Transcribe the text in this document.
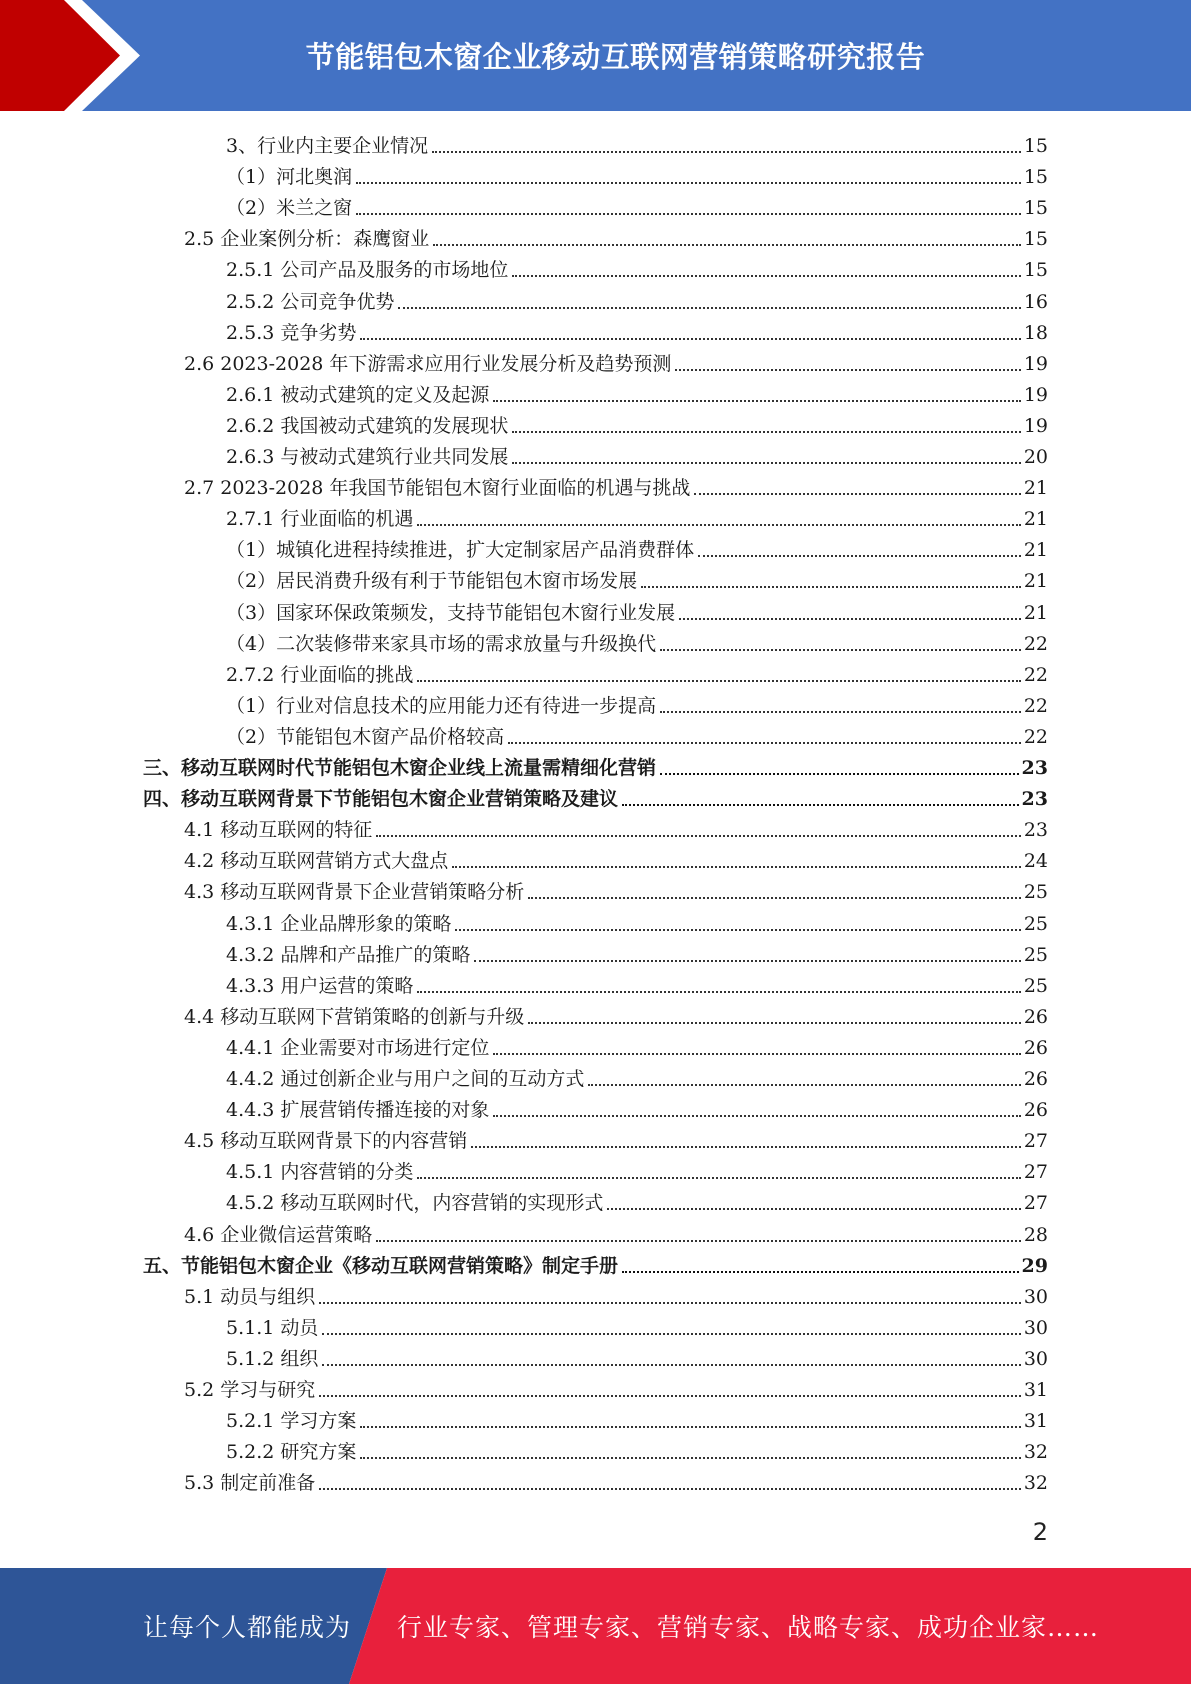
节能铝包木窗企业移动互联网营销策略研究报告
3、行业内主要企业情况	15
（1）河北奥润	15
（2）米兰之窗	15
2.5 企业案例分析：森鹰窗业	15
2.5.1 公司产品及服务的市场地位	15
2.5.2 公司竞争优势	16
2.5.3 竞争劣势	18
2.6 2023-2028 年下游需求应用行业发展分析及趋势预测	19
2.6.1 被动式建筑的定义及起源	19
2.6.2 我国被动式建筑的发展现状	19
2.6.3 与被动式建筑行业共同发展	20
2.7 2023-2028 年我国节能铝包木窗行业面临的机遇与挑战	21
2.7.1 行业面临的机遇	21
（1）城镇化进程持续推进，扩大定制家居产品消费群体	21
（2）居民消费升级有利于节能铝包木窗市场发展	21
（3）国家环保政策频发，支持节能铝包木窗行业发展	21
（4）二次装修带来家具市场的需求放量与升级换代	22
2.7.2 行业面临的挑战	22
（1）行业对信息技术的应用能力还有待进一步提高	22
（2）节能铝包木窗产品价格较高	22
三、移动互联网时代节能铝包木窗企业线上流量需精细化营销	23
四、移动互联网背景下节能铝包木窗企业营销策略及建议	23
4.1 移动互联网的特征	23
4.2 移动互联网营销方式大盘点	24
4.3 移动互联网背景下企业营销策略分析	25
4.3.1 企业品牌形象的策略	25
4.3.2 品牌和产品推广的策略	25
4.3.3 用户运营的策略	25
4.4 移动互联网下营销策略的创新与升级	26
4.4.1 企业需要对市场进行定位	26
4.4.2 通过创新企业与用户之间的互动方式	26
4.4.3 扩展营销传播连接的对象	26
4.5 移动互联网背景下的内容营销	27
4.5.1 内容营销的分类	27
4.5.2 移动互联网时代，内容营销的实现形式	27
4.6 企业微信运营策略	28
五、节能铝包木窗企业《移动互联网营销策略》制定手册	29
5.1 动员与组织	30
5.1.1 动员	30
5.1.2 组织	30
5.2 学习与研究	31
5.2.1 学习方案	31
5.2.2 研究方案	32
5.3 制定前准备	32
2
让每个人都能成为 行业专家、管理专家、营销专家、战略专家、成功企业家……
